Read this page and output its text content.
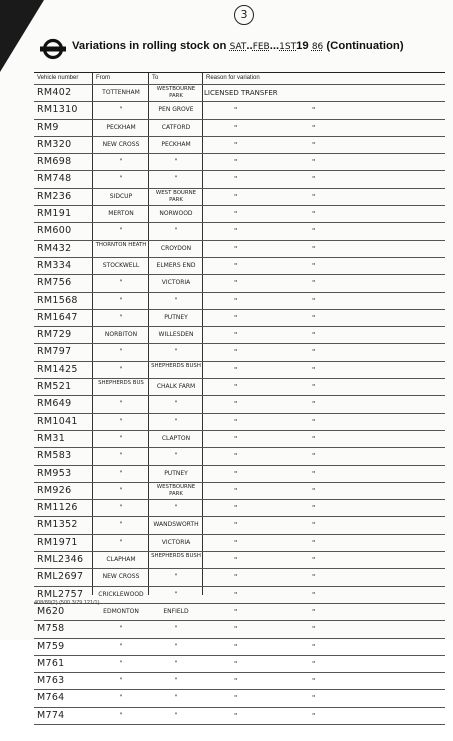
3
Variations in rolling stock on SAT..FEB...1ST19 86 (Continuation)
Vehicle number	From	To	Reason for variation
RM402	TOTTENHAM	WESTBOURNE PARK	LICENSED TRANSFER
RM1310	"	PEN GROVE	"	"
RM9	PECKHAM	CATFORD	"	"
RM320	NEW CROSS	PECKHAM	"	"
RM698	"	"	"	"
RM748	"	"	"	"
RM236	SIDCUP	WEST BOURNE PARK	"	"
RM191	MERTON	NORWOOD	"	"
RM600	"	"	"	"
RM432	THORNTON HEATH	CROYDON	"	"
RM334	STOCKWELL	ELMERS END	"	"
RM756	"	VICTORIA	"	"
RM1568	"	"	"	"
RM1647	"	PUTNEY	"	"
RM729	NORBITON	WILLESDEN	"	"
RM797	"	"	"	"
RM1425	"	SHEPHERDS BUSH	"	"
RM521	SHEPHERDS BUS	CHALK FARM	"	"
RM649	"	"	"	"
RM1041	"	"	"	"
RM31	"	CLAPTON	"	"
RM583	"	"	"	"
RM953	"	PUTNEY	"	"
RM926	"	WESTBOURNE PARK	"	"
RM1126	"	"	"	"
RM1352	"	WANDSWORTH	"	"
RM1971	"	VICTORIA	"	"
RML2346	CLAPHAM	SHEPHERDS BUSH	"	"
RML2697	NEW CROSS	"	"	"
RML2757	CRICKLEWOOD	"	"	"
M620	EDMONTON	ENFIELD	"	"
M758	"	"	"	"
M759	"	"	"	"
M761	"	"	"	"
M763	"	"	"	"
M764	"	"	"	"
M774	"	"	"	"
408/89(2) (500 3/79 121/1)
